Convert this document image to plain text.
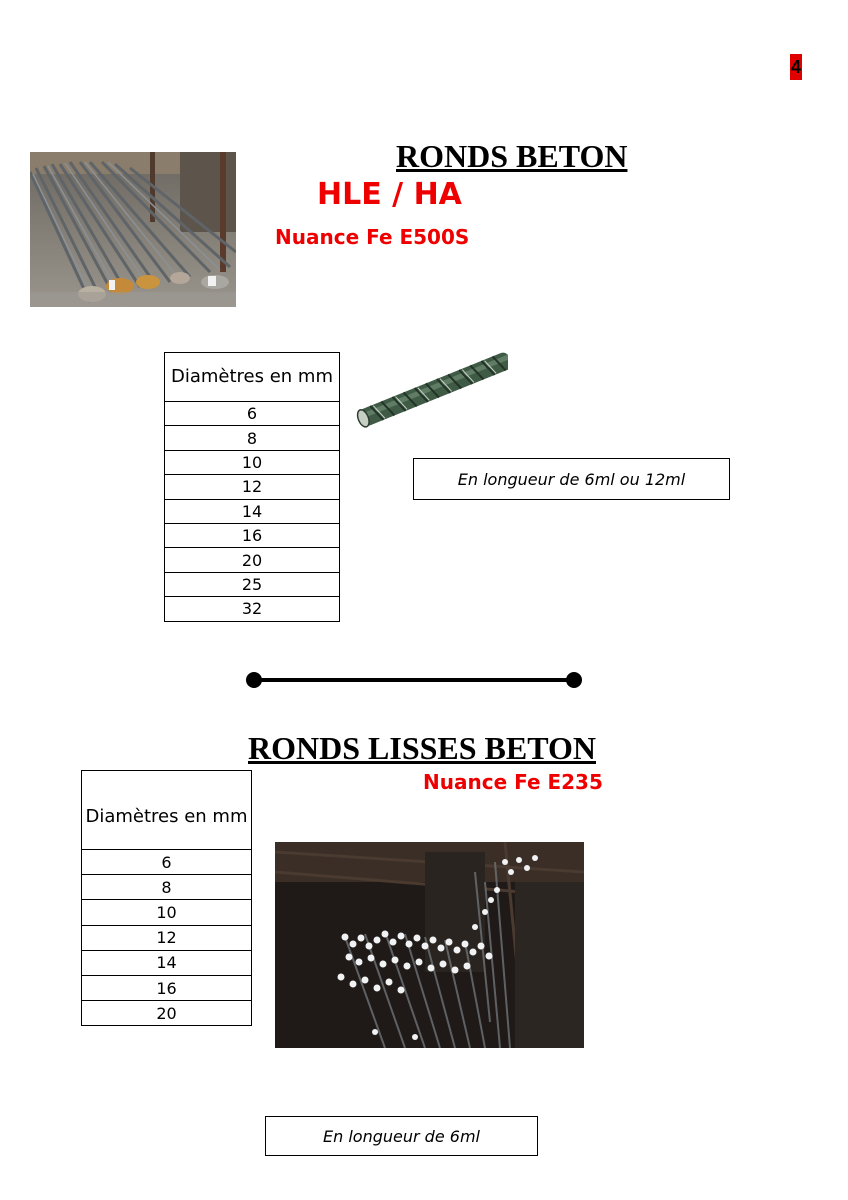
4
RONDS BETON
HLE / HA
Nuance Fe E500S
Diamètres en mm
6
8
10
12
14
16
20
25
32
En longueur de 6ml ou 12ml
RONDS LISSES BETON
Nuance Fe E235
Diamètres en mm
6
8
10
12
14
16
20
En longueur de 6ml
